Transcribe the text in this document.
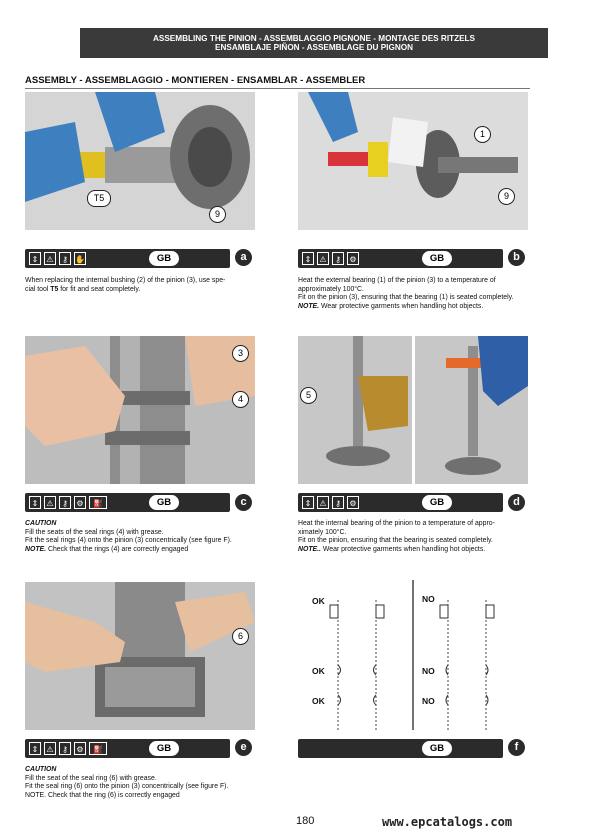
ASSEMBLING THE PINION - ASSEMBLAGGIO PIGNONE - MONTAGE DES RITZELS
ENSAMBLAJE PIÑON - ASSEMBLAGE DU PIGNON
ASSEMBLY - ASSEMBLAGGIO - MONTIEREN - ENSAMBLAR - ASSEMBLER
T5
9
⇕	⚠	⚷ ✋	GB	a

When replacing the internal bushing (2) of the pinion (3), use spe-

cial tool T5 for fit and seat completely.

1
9
⇕	⚠	⚷	⚙	GB	b

Heat the external bearing (1) of the pinion (3) to a temperature of

approximately 100°C.

Fit on the pinion (3), ensuring that the bearing (1) is seated completely.

NOTE. Wear protective garments when handling hot objects.

3
4
⇕	⚠	⚷	⚙	⛽	GB	c

CAUTION

Fill the seats of the seal rings (4) with grease.

Fit the seal rings (4) onto the pinion (3) concentrically (see figure F).

NOTE. Check that the rings (4) are correctly engaged

5
⇕	⚠	⚷	⚙	GB	d

Heat the internal bearing of the pinion to a temperature of appro-

ximately 100°C.

Fit on the pinion, ensuring that the bearing is seated completely.

NOTE.. Wear protective garments when handling hot objects.

6
⇕	⚠	⚷	⚙	⛽	GB	e

CAUTION

Fill the seat of the seal ring (6) with grease.

Fit the seal ring (6) onto the pinion (3) concentrically (see figure F).

NOTE. Check that the ring (6) is correctly engaged

OK
OK
OK
NO
NO
NO
GB	f
180	www.epcatalogs.com
